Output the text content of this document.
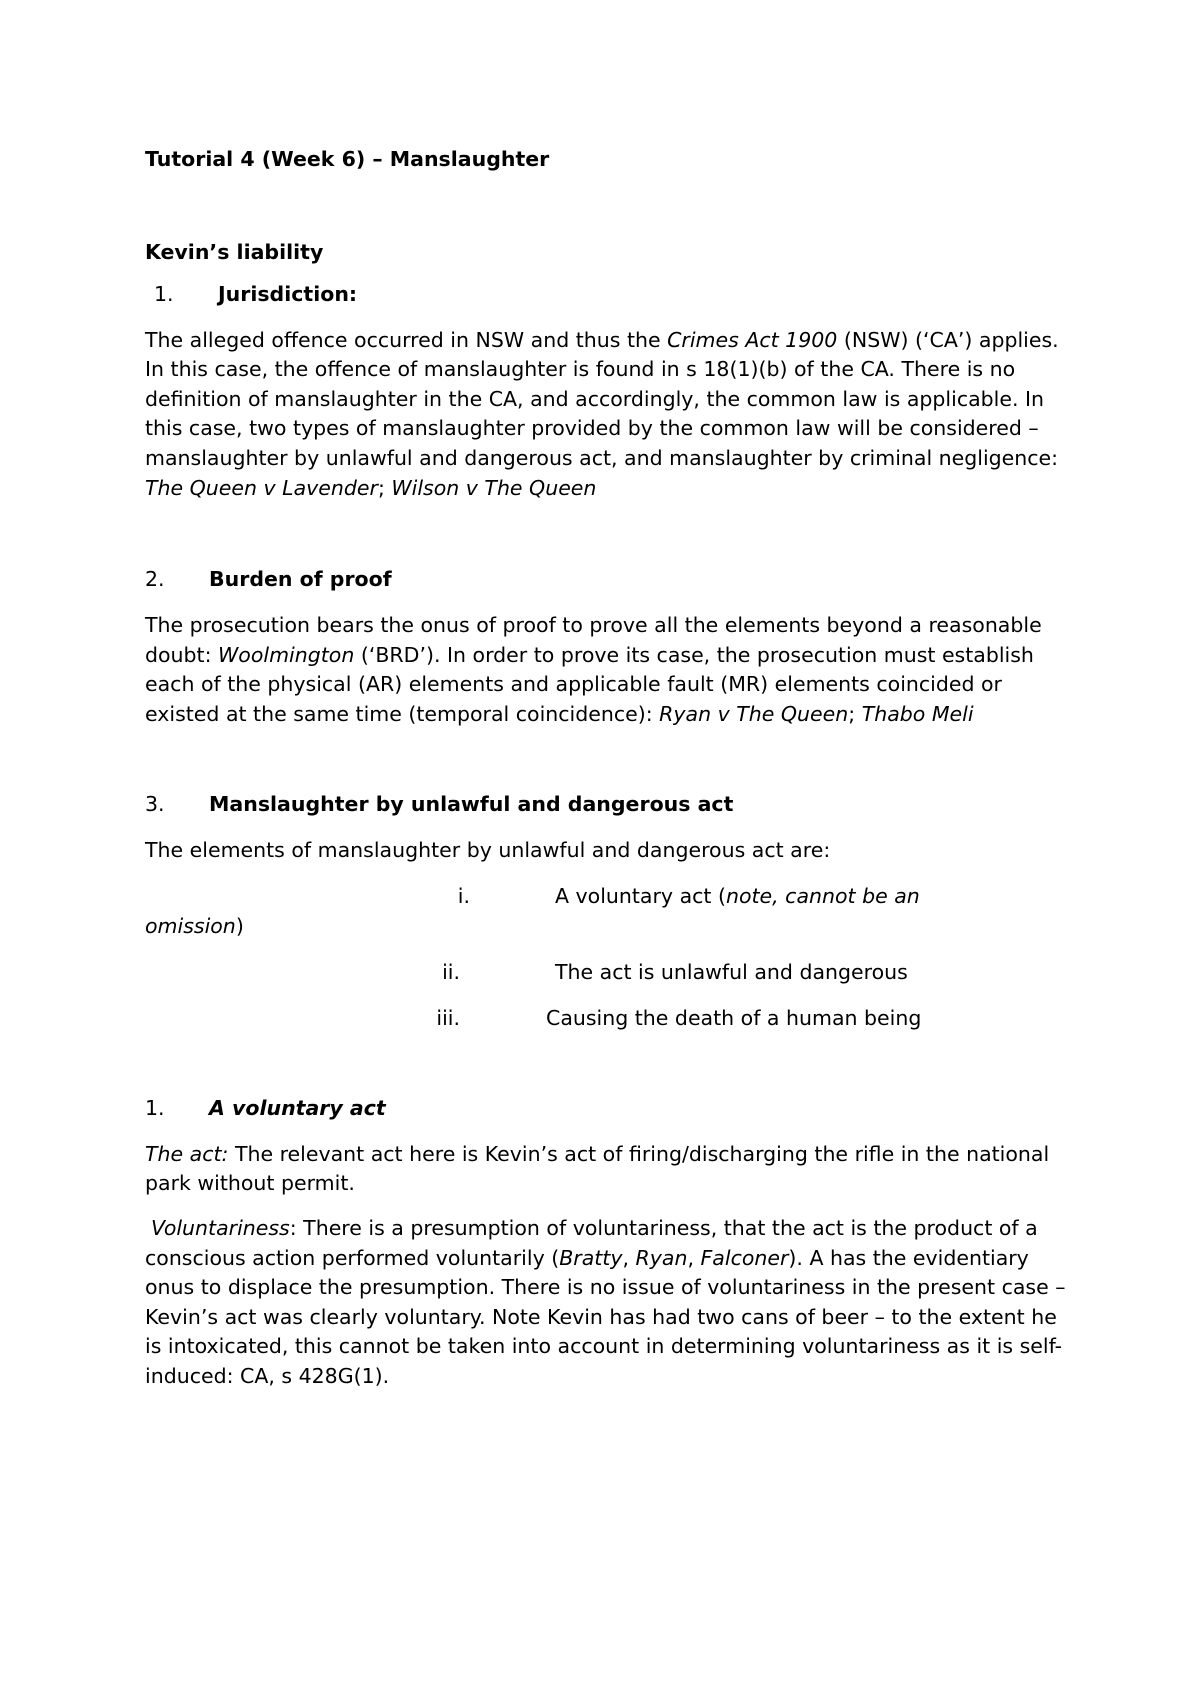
Tutorial 4 (Week 6) – Manslaughter

Kevin’s liability

1. Jurisdiction:

The alleged offence occurred in NSW and thus the Crimes Act 1900 (NSW) (‘CA’) applies. In this case, the offence of manslaughter is found in s 18(1)(b) of the CA. There is no definition of manslaughter in the CA, and accordingly, the common law is applicable. In this case, two types of manslaughter provided by the common law will be considered – manslaughter by unlawful and dangerous act, and manslaughter by criminal negligence: The Queen v Lavender; Wilson v The Queen

2. Burden of proof

The prosecution bears the onus of proof to prove all the elements beyond a reasonable doubt: Woolmington (‘BRD’). In order to prove its case, the prosecution must establish each of the physical (AR) elements and applicable fault (MR) elements coincided or existed at the same time (temporal coincidence): Ryan v The Queen; Thabo Meli

3. Manslaughter by unlawful and dangerous act

The elements of manslaughter by unlawful and dangerous act are:

i.	A voluntary act (note, cannot be an

omission)

ii.	The act is unlawful and dangerous
iii.	Causing the death of a human being
1. A voluntary act

The act: The relevant act here is Kevin’s act of firing/discharging the rifle in the national park without permit.

Voluntariness: There is a presumption of voluntariness, that the act is the product of a conscious action performed voluntarily (Bratty, Ryan, Falconer). A has the evidentiary onus to displace the presumption. There is no issue of voluntariness in the present case – Kevin’s act was clearly voluntary. Note Kevin has had two cans of beer – to the extent he is intoxicated, this cannot be taken into account in determining voluntariness as it is self-induced: CA, s 428G(1).
